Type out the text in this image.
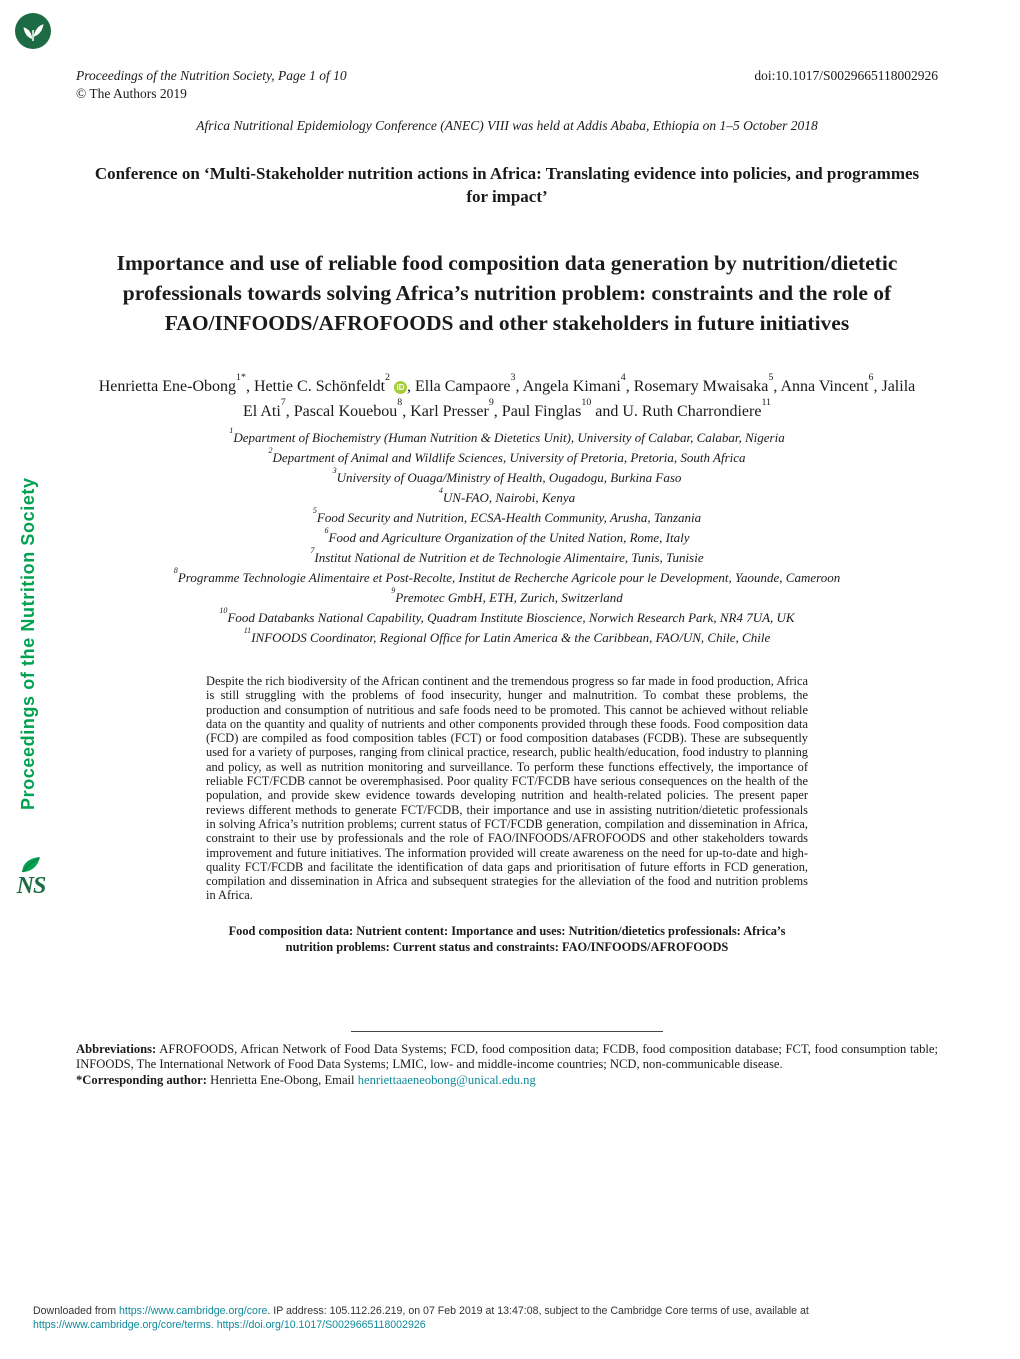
Proceedings of the Nutrition Society
NS
Proceedings of the Nutrition Society, Page 1 of 10	doi:10.1017/S0029665118002926
© The Authors 2019
Africa Nutritional Epidemiology Conference (ANEC) VIII was held at Addis Ababa, Ethiopia on 1–5 October 2018
Conference on ‘Multi-Stakeholder nutrition actions in Africa: Translating evidence into policies, and programmes for impact’
Importance and use of reliable food composition data generation by nutrition/dietetic professionals towards solving Africa’s nutrition problem: constraints and the role of FAO/INFOODS/AFROFOODS and other stakeholders in future initiatives
Henrietta Ene-Obong$^{1*}$, Hettie C. Schönfeldt$^2$ iD , Ella Campaore$^3$, Angela Kimani$^4$, Rosemary Mwaisaka$^5$, Anna Vincent$^6$, Jalila El Ati$^7$, Pascal Kouebou$^8$, Karl Presser$^9$, Paul Finglas$^{10}$ and U. Ruth Charrondiere$^{11}$
$^1$Department of Biochemistry (Human Nutrition & Dietetics Unit), University of Calabar, Calabar, Nigeria
$^2$Department of Animal and Wildlife Sciences, University of Pretoria, Pretoria, South Africa
$^3$University of Ouaga/Ministry of Health, Ougadogu, Burkina Faso
$^4$UN-FAO, Nairobi, Kenya
$^5$Food Security and Nutrition, ECSA-Health Community, Arusha, Tanzania
$^6$Food and Agriculture Organization of the United Nation, Rome, Italy
$^7$Institut National de Nutrition et de Technologie Alimentaire, Tunis, Tunisie
$^8$Programme Technologie Alimentaire et Post-Recolte, Institut de Recherche Agricole pour le Development, Yaounde, Cameroon
$^9$Premotec GmbH, ETH, Zurich, Switzerland
$^{10}$Food Databanks National Capability, Quadram Institute Bioscience, Norwich Research Park, NR4 7UA, UK
$^{11}$INFOODS Coordinator, Regional Office for Latin America & the Caribbean, FAO/UN, Chile, Chile

Despite the rich biodiversity of the African continent and the tremendous progress so far made in food production, Africa is still struggling with the problems of food insecurity, hunger and malnutrition. To combat these problems, the production and consumption of nutritious and safe foods need to be promoted. This cannot be achieved without reliable data on the quantity and quality of nutrients and other components provided through these foods. Food composition data (FCD) are compiled as food composition tables (FCT) or food composition databases (FCDB). These are subsequently used for a variety of purposes, ranging from clinical practice, research, public health/education, food industry to planning and policy, as well as nutrition monitoring and surveillance. To perform these functions effectively, the importance of reliable FCT/FCDB cannot be overemphasised. Poor quality FCT/FCDB have serious consequences on the health of the population, and provide skew evidence towards developing nutrition and health-related policies. The present paper reviews different methods to generate FCT/FCDB, their importance and use in assisting nutrition/dietetic professionals in solving Africa’s nutrition problems; current status of FCT/FCDB generation, compilation and dissemination in Africa, constraint to their use by professionals and the role of FAO/INFOODS/AFROFOODS and other stakeholders towards improvement and future initiatives. The information provided will create awareness on the need for up-to-date and high-quality FCT/FCDB and facilitate the identification of data gaps and prioritisation of future efforts in FCD generation, compilation and dissemination in Africa and subsequent strategies for the alleviation of the food and nutrition problems in Africa.

Food composition data: Nutrient content: Importance and uses: Nutrition/dietetics professionals: Africa’s nutrition problems: Current status and constraints: FAO/INFOODS/AFROFOODS

Abbreviations: AFROFOODS, African Network of Food Data Systems; FCD, food composition data; FCDB, food composition database; FCT, food consumption table; INFOODS, The International Network of Food Data Systems; LMIC, low- and middle-income countries; NCD, non-communicable disease.

*Corresponding author: Henrietta Ene-Obong, Email henriettaaeneobong@unical.edu.ng

Downloaded from https://www.cambridge.org/core. IP address: 105.112.26.219, on 07 Feb 2019 at 13:47:08, subject to the Cambridge Core terms of use, available at
https://www.cambridge.org/core/terms. https://doi.org/10.1017/S0029665118002926
